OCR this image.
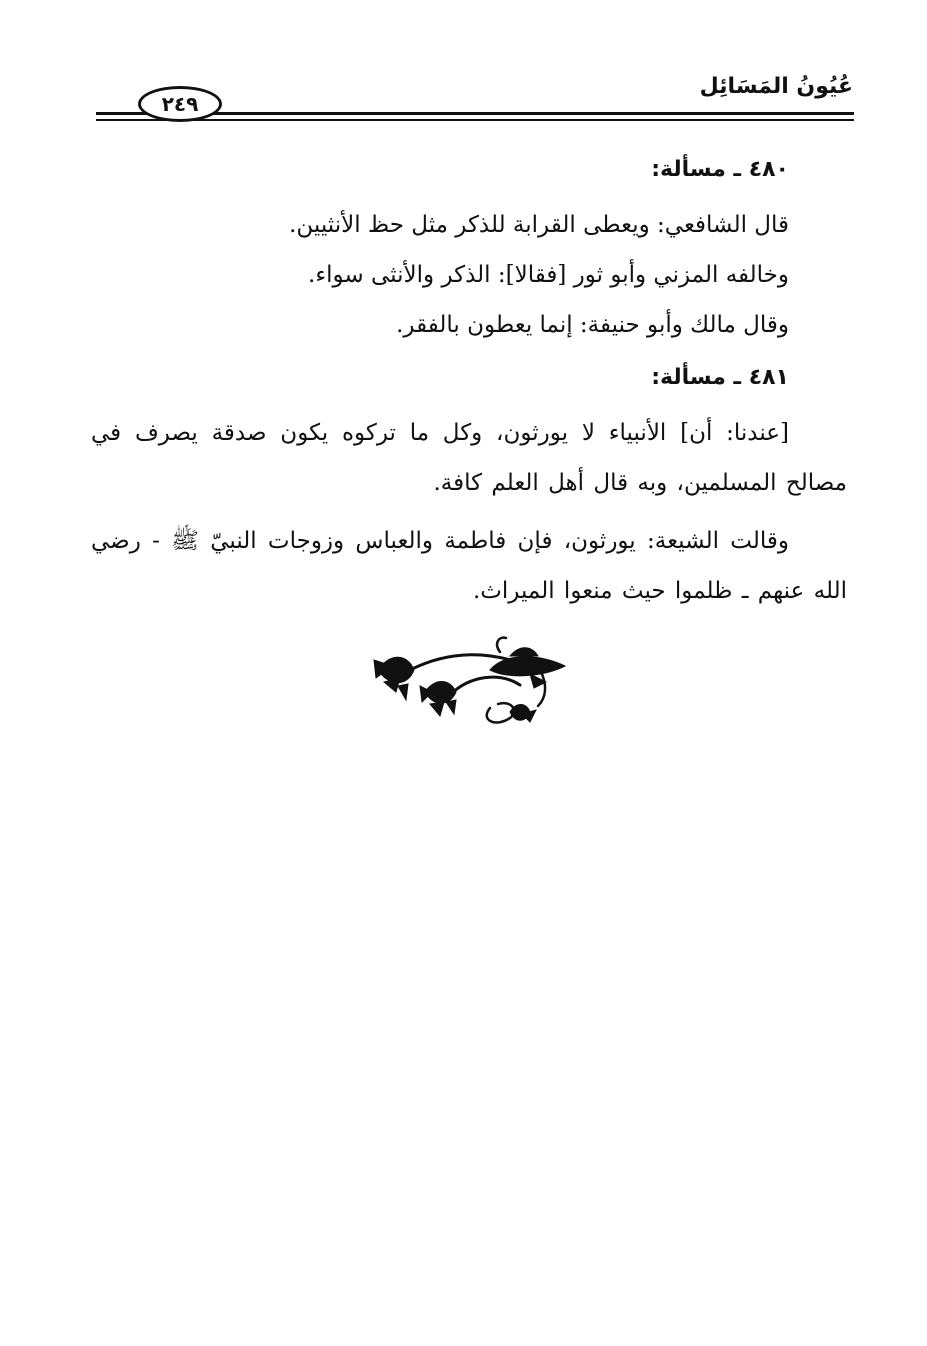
عُيُونُ المَسَائِل
٢٤٩
٤٨٠ ـ مسألة:

قال الشافعي: ويعطى القرابة للذكر مثل حظ الأنثيين.

وخالفه المزني وأبو ثور [فقالا]: الذكر والأنثى سواء.

وقال مالك وأبو حنيفة: إنما يعطون بالفقر.

٤٨١ ـ مسألة:

[عندنا: أن] الأنبياء لا يورثون، وكل ما تركوه يكون صدقة يصرف في مصالح المسلمين، وبه قال أهل العلم كافة.

وقالت الشيعة: يورثون، فإن فاطمة والعباس وزوجات النبيّ ﷺ - رضي الله عنهم ـ ظلموا حيث منعوا الميراث.
